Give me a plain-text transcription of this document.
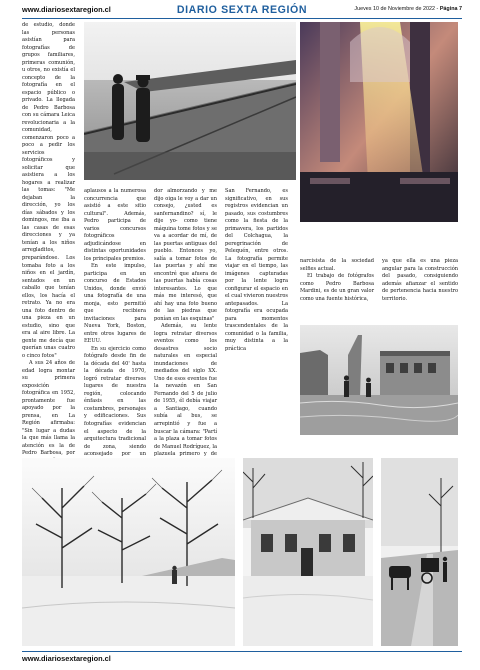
www.diariosextaregion.cl	DIARIO SEXTA REGIÓN	Jueves 10 de Noviembre de 2022 - Página 7

de estudio, donde las personas asistían para fotografías de grupos familiares, primeras comunión, u otros, no existía el concepto de la fotografía en el espacio público o privado. La llegada de Pedro Barbosa con su cámara Leica revolucionaria a la comunidad, comenzaron poco a poco a pedir los servicios fotográficos y solicitar que asistiera a los hogares a realizar las tomas: "Me dejaban la dirección, yo los días sábados y los domingos, me iba a las casas de esas direcciones y ya tenían a los niños arregladitos, preparándose. Los tomaba foto a los niños en el jardín, sentados en un caballo que tenían ellos, los hacía el retrato. Ya no era una foto dentro de una pieza en un estudio, sino que era al aire libre. La gente me decía que querían unas cuatro o cinco fotos"

A sus 24 años de edad logra montar su primera exposición fotográfica en 1952, prontamente fue apoyado por la prensa, en La Región afirmaba: "Sin lugar a dudas la que más llama la atención es la de Pedro Barbosa, por

aplausos a la numerosa concurrencia que asistió a este sitio cultural". Además, Pedro participa de varios concursos fotográficos adjudicándose en distintas oportunidades los principales premios.

En este impulso, participa en un concurso de Estados Unidos, donde envió una fotografía de una monja, esto permitió que recibiera invitaciones para Nueva York, Boston, entre otros lugares de EEUU.

En su ejercicio como fotógrafo desde fin de la década del 40' hasta la década de 1970, logró retratar diversos lugares de nuestra región, colocando énfasis en las costumbres, personajes y edificaciones. Sus fotografías evidencian el aspecto de la arquitectura tradicional de zona, siendo aconsejado por un

dor almorzando y me dijo oiga le voy a dar un consejo, ¿usted es sanfernandino? sí, le dije yo- como tiene máquina tome fotos y se va a acordar de mí, de las puertas antiguas del pueblo. Entonces yo, salía a tomar fotos de las puertas y ahí me encontré que afuera de las puertas había cosas interesantes. Lo que más me interesó, que ahí hay una foto bueno de las piedras que ponían en las esquinas"

Además, su lente logra retratar diversos eventos como los desastres socio naturales en especial inundaciones de mediados del siglo XX. Uno de esos eventos fue la nevazón en San Fernando del 5 de julio de 1955, él debía viajar a Santiago, cuando subía al bus, se arrepintió y fue a buscar la cámara: "Partí a la plaza a tomar fotos de Manuel Rodríguez, la plazuela primero y de

San Fernando, es significativo, en sus registros evidencian un pasado, sus costumbres como la fiesta de la primavera, los partidos del Colchagua, la peregrinación de Pelequén, entre otros. La fotografía permite viajar en el tiempo, las imágenes capturadas por la lente logra configurar el espacio en el cual vivieron nuestros antepasados. La fotografía era ocupada para momentos trascendentales de la comunidad o la familia, muy distinta a la práctica

narcisista de la sociedad selfies actual.

El trabajo de fotógrafos como Pedro Barbosa Mardini, es de un gran valor como una fuente histórica,

ya que ella es una pieza angular para la construcción del pasado, consiguiendo además afianzar el sentido de pertenencia hacia nuestro territorio.

www.diariosextaregion.cl
